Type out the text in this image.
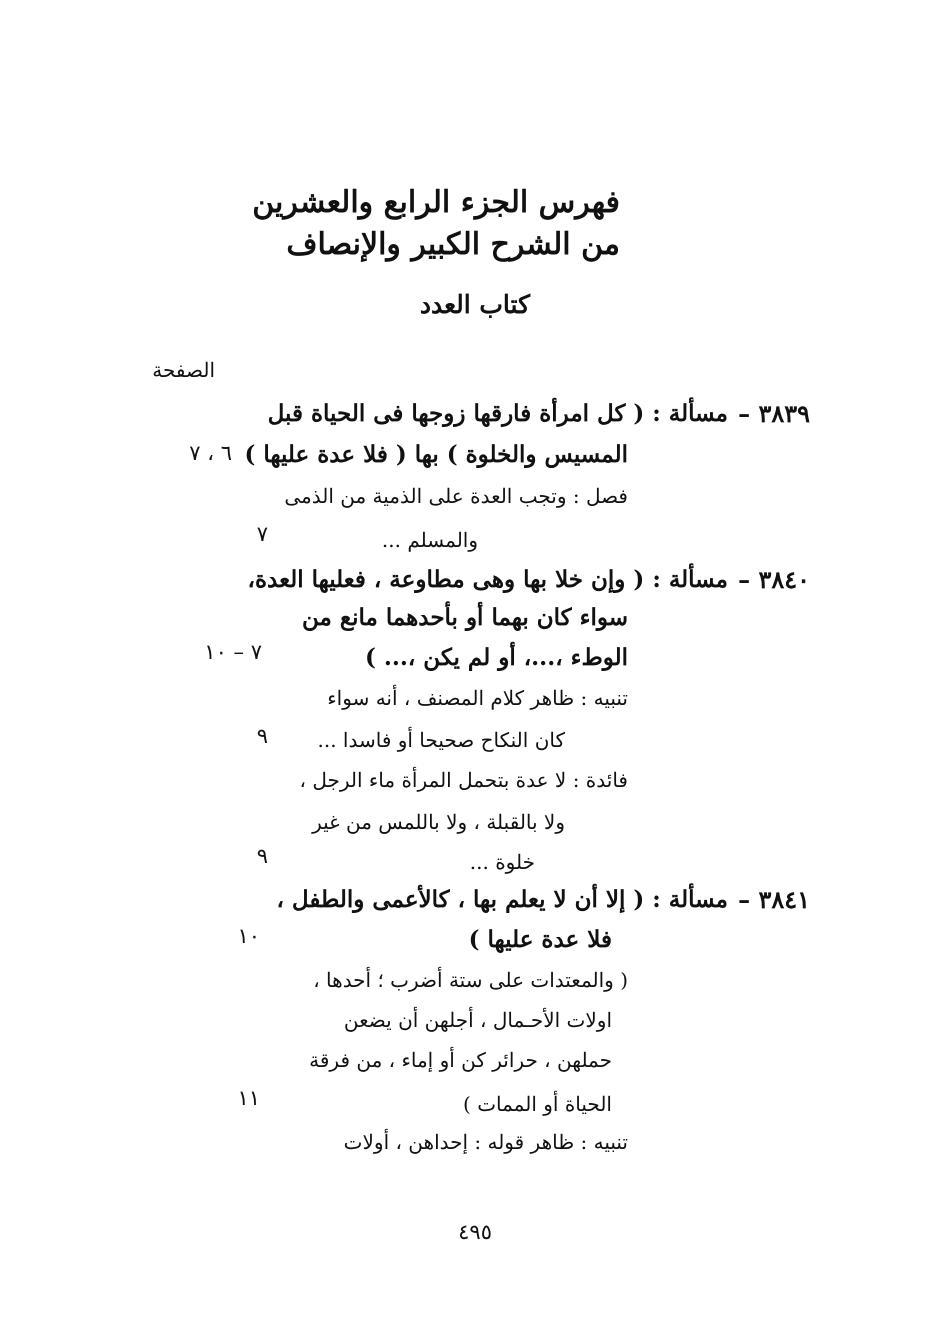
فهرس الجزء الرابع والعشرين
من الشرح الكبير والإنصاف
كتاب العدد
الصفحة
٣٨٣٩ –
مسألة : ( كل امرأة فارقها زوجها فى الحياة قبل
المسيس والخلوة ) بها ( فلا عدة عليها )
٦ ، ٧
فصل : وتجب العدة على الذمية من الذمى
والمسلم ...
٧
٣٨٤٠ –
مسألة : ( وإن خلا بها وهى مطاوعة ، فعليها العدة،
سواء كان بهما أو بأحدهما مانع من
الوطء ،...، أو لم يكن ،... )
٧ – ١٠
تنبيه : ظاهر كلام المصنف ، أنه سواء
كان النكاح صحيحا أو فاسدا ...
٩
فائدة : لا عدة بتحمل المرأة ماء الرجل ،
ولا بالقبلة ، ولا باللمس من غير
خلوة ...
٩
٣٨٤١ –
مسألة : ( إلا أن لا يعلم بها ، كالأعمى والطفل ،
فلا عدة عليها )
١٠
( والمعتدات على ستة أضرب ؛ أحدها ،
اولات الأحـمال ، أجلهن أن يضعن
حملهن ، حرائر كن أو إماء ، من فرقة
الحياة أو الممات )
١١
تنبيه : ظاهر قوله : إحداهن ، أولات
٤٩٥
